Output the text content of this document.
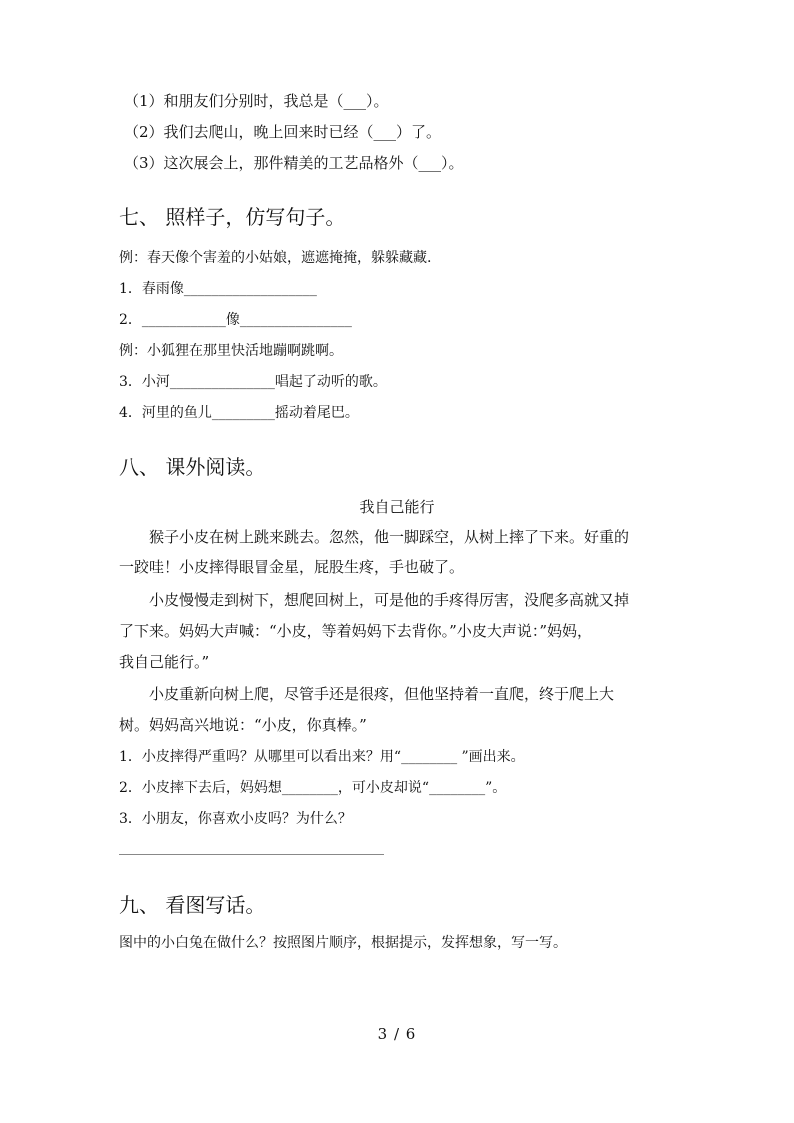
（1）和朋友们分别时，我总是（___）。
（2）我们去爬山，晚上回来时已经（___）了。
（3）这次展会上，那件精美的工艺品格外（___）。
七、 照样子，仿写句子。
例：春天像个害羞的小姑娘，遮遮掩掩，躲躲藏藏.
1．春雨像___________________
2．____________像________________
例：小狐狸在那里快活地蹦啊跳啊。
3．小河_______________唱起了动听的歌。
4．河里的鱼儿_________摇动着尾巴。
八、 课外阅读。
我自己能行
猴子小皮在树上跳来跳去。忽然，他一脚踩空，从树上摔了下来。好重的
一跤哇！小皮摔得眼冒金星，屁股生疼，手也破了。
小皮慢慢走到树下，想爬回树上，可是他的手疼得厉害，没爬多高就又掉
了下来。妈妈大声喊：“小皮，等着妈妈下去背你。”小皮大声说：”妈妈，
我自己能行。”
小皮重新向树上爬，尽管手还是很疼，但他坚持着一直爬，终于爬上大
树。妈妈高兴地说：“小皮，你真棒。”
1．小皮摔得严重吗？从哪里可以看出来？用“________ ”画出来。
2．小皮摔下去后，妈妈想________，可小皮却说“________”。
3．小朋友，你喜欢小皮吗？为什么？
九、 看图写话。
图中的小白兔在做什么？按照图片顺序，根据提示，发挥想象，写一写。
3 / 6
